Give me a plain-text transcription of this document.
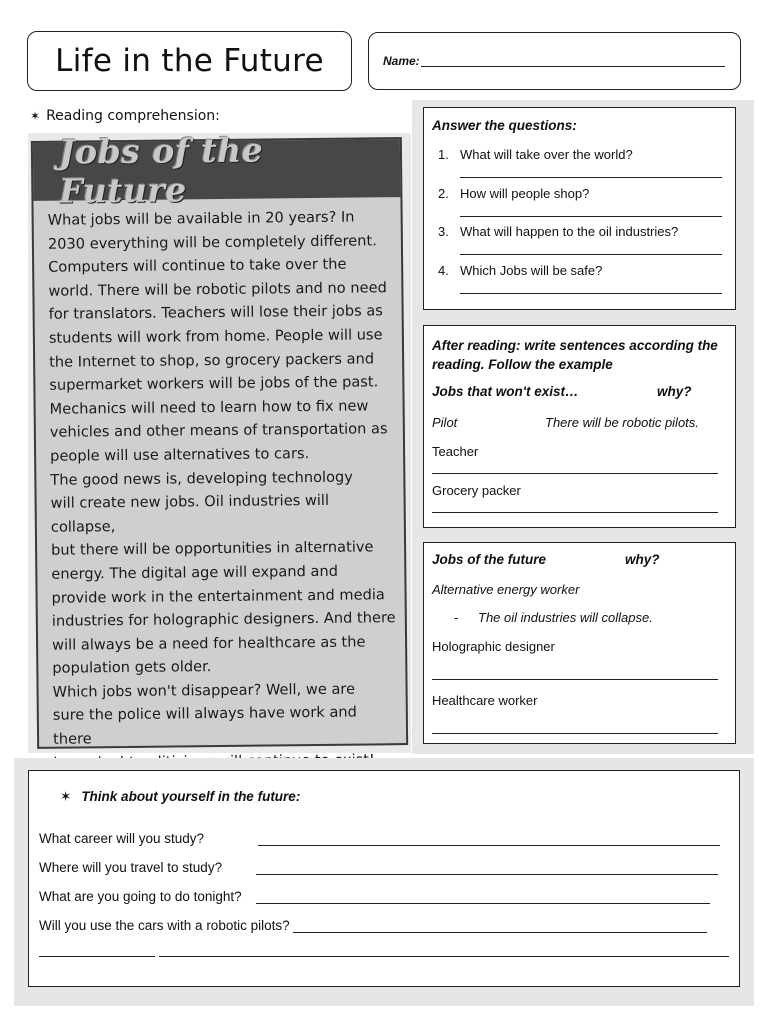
Life in the Future	Name:
✶ Reading comprehension:
Jobs of the Future
What jobs will be available in 20 years? In
2030 everything will be completely different.
Computers will continue to take over the
world. There will be robotic pilots and no need
for translators. Teachers will lose their jobs as
students will work from home. People will use
the Internet to shop, so grocery packers and
supermarket workers will be jobs of the past.
Mechanics will need to learn how to fix new
vehicles and other means of transportation as
people will use alternatives to cars.
The good news is, developing technology
will create new jobs. Oil industries will collapse,
but there will be opportunities in alternative
energy. The digital age will expand and
provide work in the entertainment and media
industries for holographic designers. And there
will always be a need for healthcare as the
population gets older.
Which jobs won't disappear? Well, we are
sure the police will always have work and there

Answer the questions:
1. What will take over the world?
2. How will people shop?
3. What will happen to the oil industries?
4. Which Jobs will be safe?
After reading: write sentences according the reading. Follow the example
Jobs that won't exist…	why?
Pilot	There will be robotic pilots.
Teacher
Grocery packer
Jobs of the future	why?
Alternative energy worker
- The oil industries will collapse.
Holographic designer
Healthcare worker
✶ Think about yourself in the future:
What career will you study?
Where will you travel to study?
What are you going to do tonight?
Will you use the cars with a robotic pilots?
